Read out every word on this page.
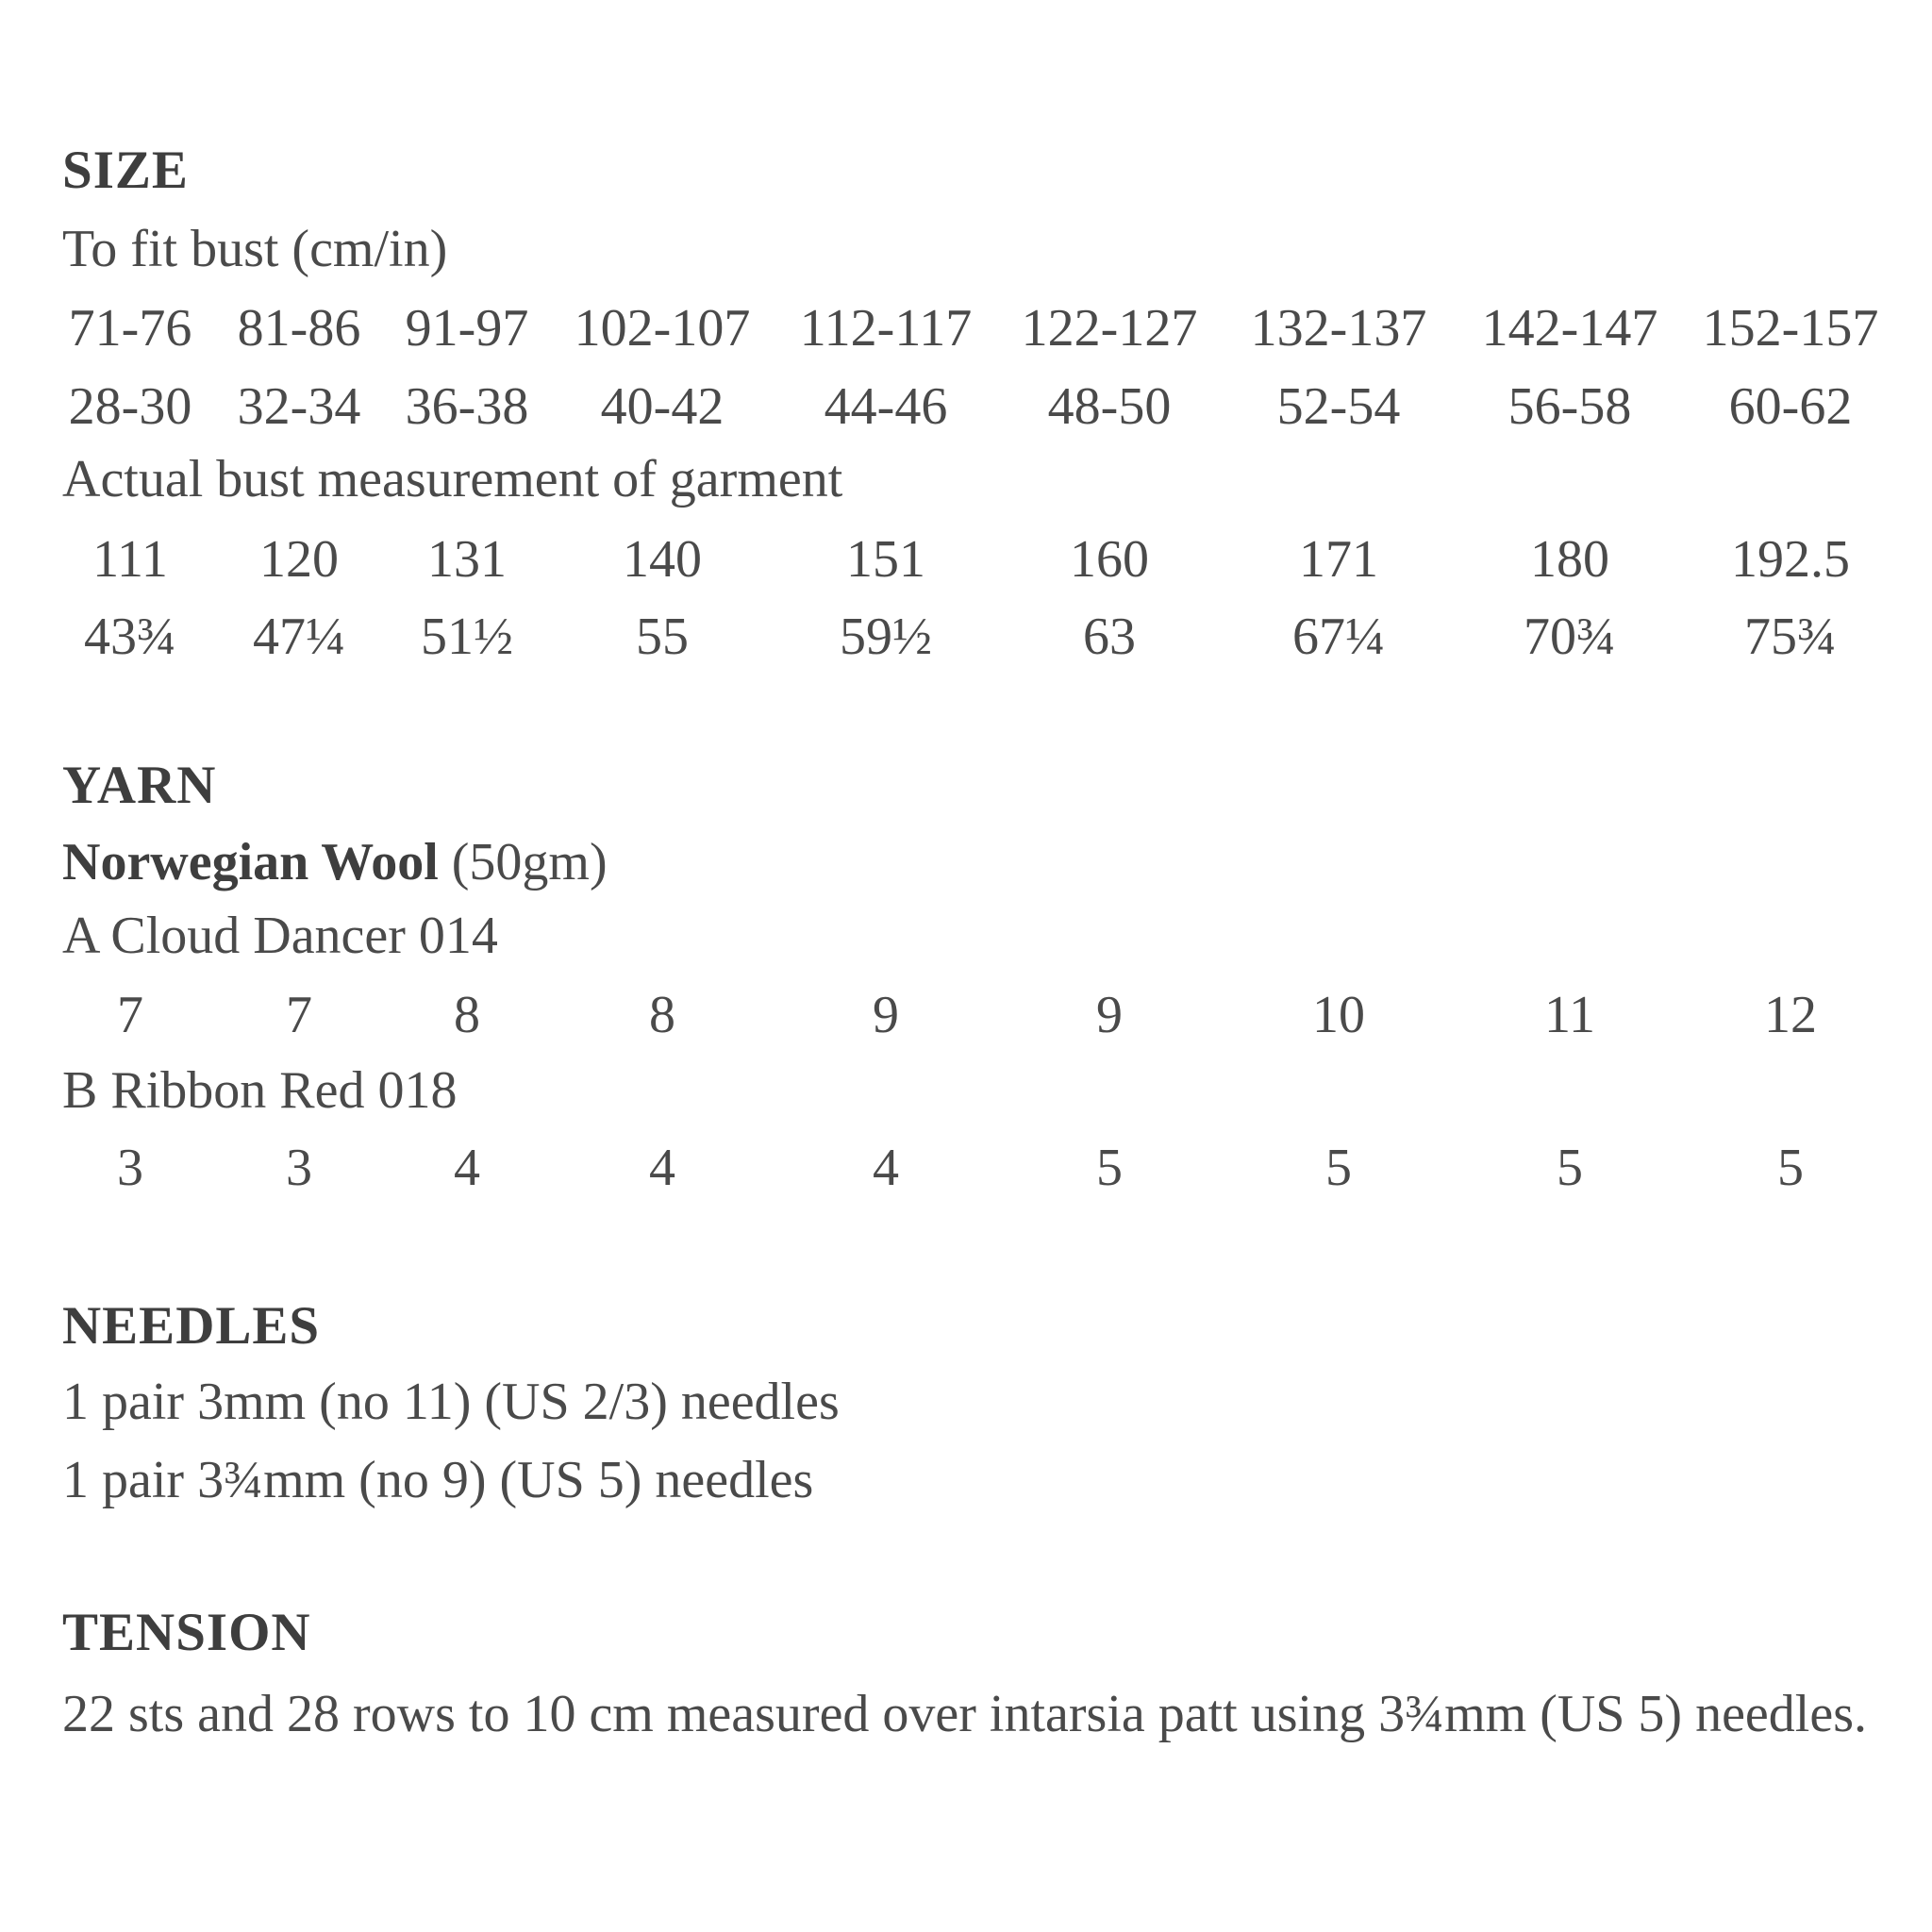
SIZE
To fit bust (cm/in)
71-76 81-86 91-97 102-107 112-117 122-127	132-137	142-147 152-157
28-30 32-34 36-38	40-42	44-46	48-50	52-54	56-58	60-62
Actual bust measurement of garment
111	120	131	140	151	160	171	180	192.5
43¾	47¼	51½	55	59½	63	67¼	70¾	75¾
YARN
Norwegian Wool (50gm)
A Cloud Dancer 014
7	7	8	8	9	9	10	11	12
B Ribbon Red 018
3	3	4	4	4	5	5	5	5
NEEDLES
1 pair 3mm (no 11) (US 2/3) needles
1 pair 3¾mm (no 9) (US 5) needles
TENSION
22 sts and 28 rows to 10 cm measured over intarsia patt using 3¾mm (US 5) needles.
